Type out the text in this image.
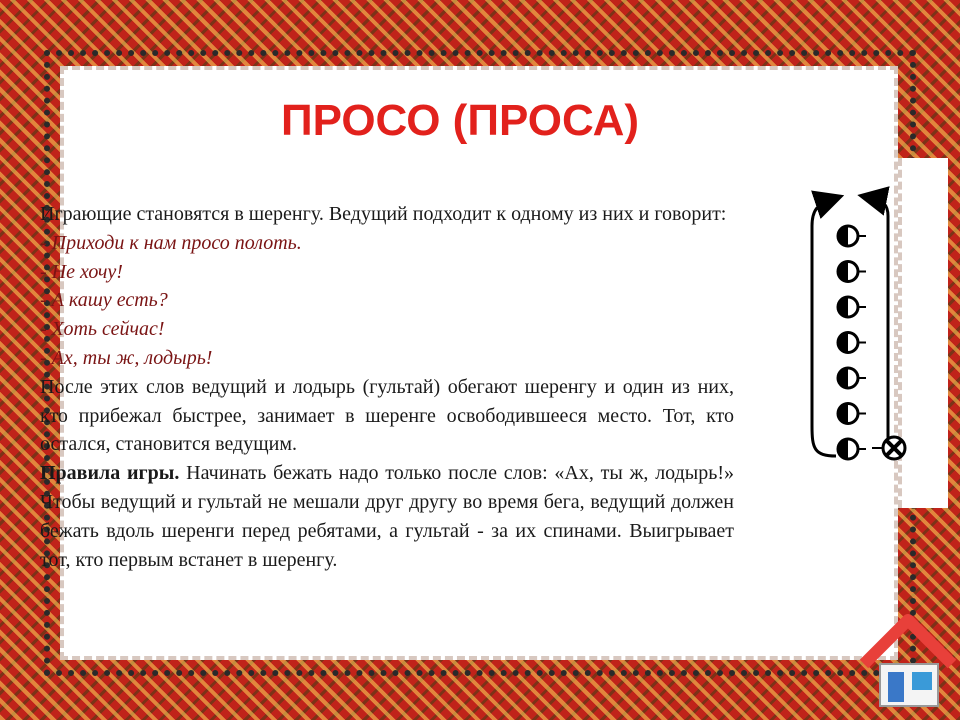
ПРОСО (ПРОСА)

Играющие становятся в шеренгу. Ведущий подходит к одному из них и говорит:

- Приходи к нам просо полоть.

- Не хочу!

- А кашу есть?

- Хоть сейчас!

- Ах, ты ж, лодырь!

После этих слов ведущий и лодырь (гультай) обегают шеренгу и один из них, кто прибежал быстрее, занимает в шеренге освободившееся место. Тот, кто остался, становится ведущим.

Правила игры. Начинать бежать надо только после слов: «Ах, ты ж, лодырь!» Чтобы ведущий и гультай не мешали друг другу во время бега, ведущий должен бежать вдоль шеренги перед ребятами, а гультай - за их спинами. Выигрывает тот, кто первым встанет в шеренгу.
